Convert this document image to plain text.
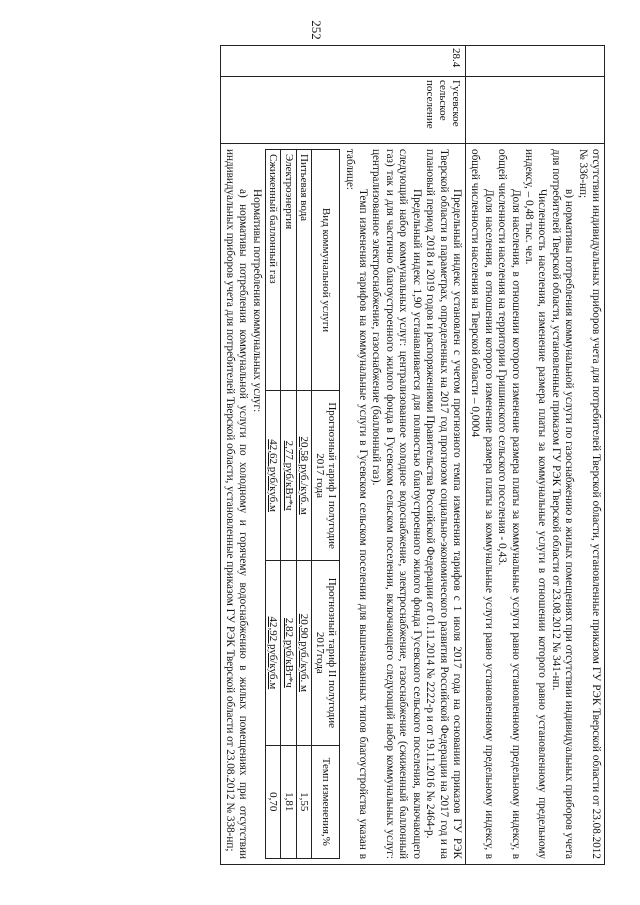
252

отсутствии индивидуальных приборов учета для потребителей Тверской области, установленные приказом ГУ РЭК Тверской области от 23.08.2012 № 336-нп;

в) нормативы потребления коммунальной услуги по газоснабжению в жилых помещениях при отсутствии индивидуальных приборов учета для потребителей Тверской области, установленные приказом ГУ РЭК Тверской области от 23.08.2012 № 341-нп.

Численность населения, изменение размера платы за коммунальные услуги в отношении которого равно установленному предельному индексу, – 0,48 тыс. чел.

Доля населения, в отношении которого изменение размера платы за коммунальные услуги равно установленному предельному индексу, в общей численности населения на территории Гришинского сельского поселения - 0,43.

Доля населения, в отношении которого изменение размера платы за коммунальные услуги равно установленному предельному индексу, в общей численности населения на Тверской области – 0,0004

28.4	Гусевское сельское поселение	

Предельный индекс установлен с учетом прогнозного темпа изменения тарифов с 1 июля 2017 года на основании приказов ГУ РЭК Тверской области в параметрах, определенных на 2017 год прогнозом социально-экономического развития Российской Федерации на 2017 год и на плановый период 2018 и 2019 годов и распоряжениями Правительства Российской Федерации от 01.11.2014 № 2222-р и от 19.11.2016 № 2464-р.

Предельный индекс 1,90 устанавливается для полностью благоустроенного жилого фонда Гусевского сельского поселения, включающего следующий набор коммунальных услуг: централизованное холодное водоснабжение, электроснабжение, газоснабжение (сжиженный баллонный газ) так и для частично благоустроенного жилого фонда в Гусевском сельском поселении, включающего следующий набор коммунальных услуг: централизованное электроснабжение, газоснабжение (баллонный газ).

Темп изменения тарифов на коммунальные услуги в Гусевском сельском поселении для вышеназванных типов благоустройства указан в таблице:

Вид коммунальной услуги	Прогнозный тариф I полугодие 2017 года	Прогнозный тариф II полугодие 2017года	Темп изменения,%
Питьевая вода	20,58 руб./куб. м	20,90 руб./куб. м	1,55
Электроэнергия	2,77 руб/кВт*ч	2,82 руб/кВт*ч	1,81
Сжиженный баллонный газ	42,62 руб/куб.м	42,92 руб/куб.м	0,70

Нормативы потребления коммунальных услуг:

а) нормативы потребления коммунальной услуги по холодному и горячему водоснабжению в жилых помещениях при отсутствии индивидуальных приборов учета для потребителей Тверской области, установленные приказом ГУ РЭК Тверской области от 23.08.2012 № 338-нп;
